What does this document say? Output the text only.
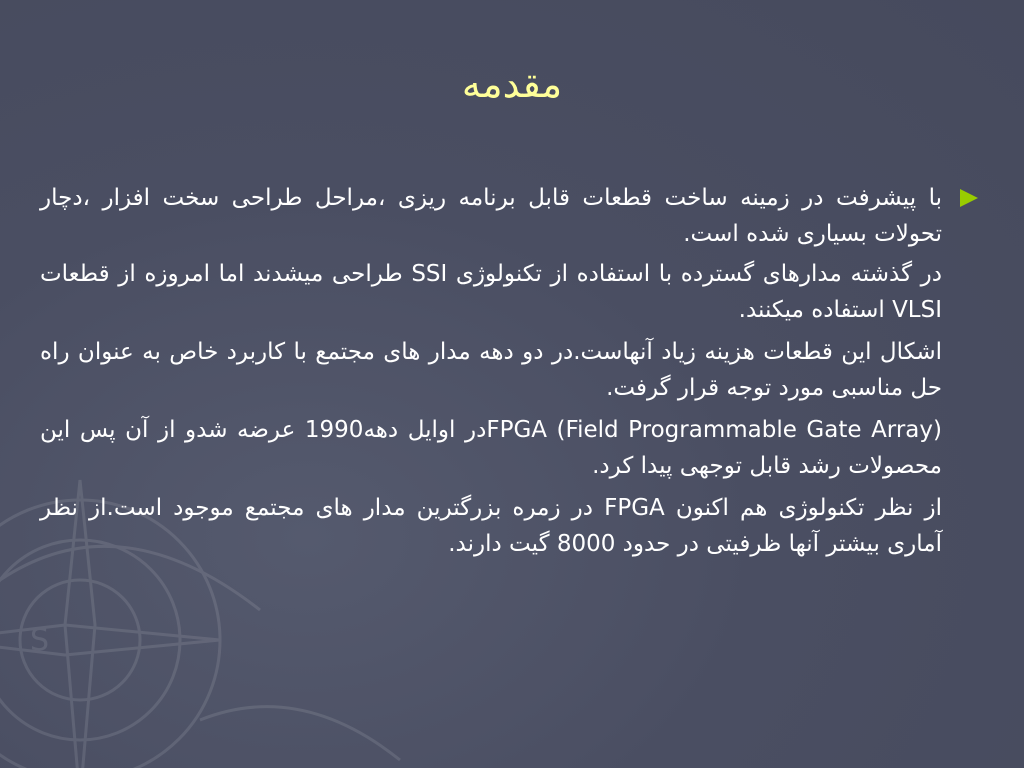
S
مقدمه
با پیشرفت در زمینه ساخت قطعات قابل برنامه ریزی ،مراحل طراحی سخت افزار ،دچار تحولات بسیاری شده است.
در گذشته مدارهای گسترده با استفاده از تکنولوژی SSI طراحی میشدند اما امروزه از قطعات VLSI استفاده میکنند.
اشکال این قطعات هزینه زیاد آنهاست.در دو دهه مدار های مجتمع با کاربرد خاص به عنوان راه حل مناسبی مورد توجه قرار گرفت.
FPGA (Field Programmable Gate Array)در اوایل دهه1990 عرضه شدو از آن پس این محصولات رشد قابل توجهی پیدا کرد.
از نظر تکنولوژی هم اکنون FPGA در زمره بزرگترین مدار های مجتمع موجود است.از نظر آماری بیشتر آنها ظرفیتی در حدود 8000 گیت دارند.
